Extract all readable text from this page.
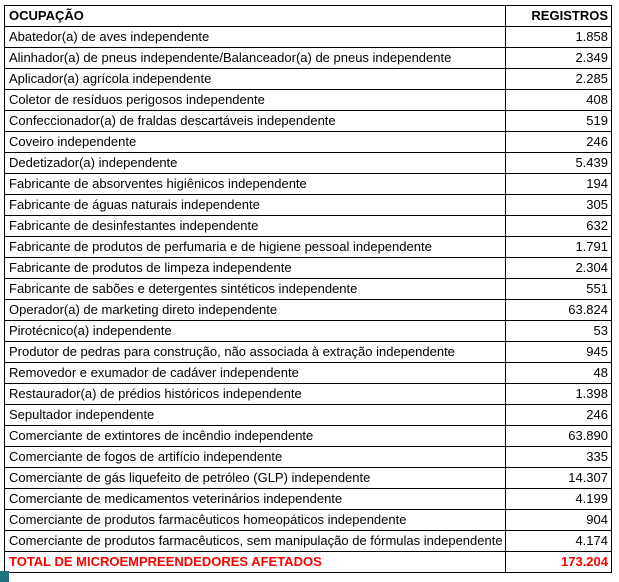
OCUPAÇÃO	REGISTROS
Abatedor(a) de aves independente	1.858
Alinhador(a) de pneus independente/Balanceador(a) de pneus independente	2.349
Aplicador(a) agrícola independente	2.285
Coletor de resíduos perigosos independente	408
Confeccionador(a) de fraldas descartáveis independente	519
Coveiro independente	246
Dedetizador(a) independente	5.439
Fabricante de absorventes higiênicos independente	194
Fabricante de águas naturais independente	305
Fabricante de desinfestantes independente	632
Fabricante de produtos de perfumaria e de higiene pessoal independente	1.791
Fabricante de produtos de limpeza independente	2.304
Fabricante de sabões e detergentes sintéticos independente	551
Operador(a) de marketing direto independente	63.824
Pirotécnico(a) independente	53
Produtor de pedras para construção, não associada à extração independente	945
Removedor e exumador de cadáver independente	48
Restaurador(a) de prédios históricos independente	1.398
Sepultador independente	246
Comerciante de extintores de incêndio independente	63.890
Comerciante de fogos de artifício independente	335
Comerciante de gás liquefeito de petróleo (GLP) independente	14.307
Comerciante de medicamentos veterinários independente	4.199
Comerciante de produtos farmacêuticos homeopáticos independente	904
Comerciante de produtos farmacêuticos, sem manipulação de fórmulas independente	4.174
TOTAL DE MICROEMPREENDEDORES AFETADOS	173.204
